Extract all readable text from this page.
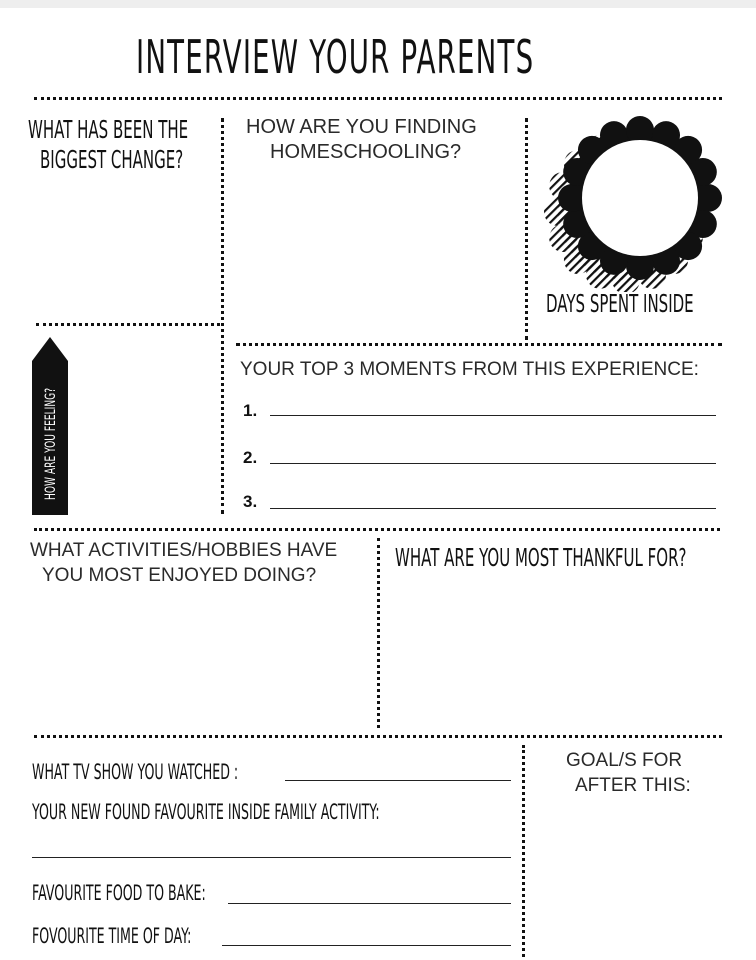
INTERVIEW YOUR PARENTS
WHAT HAS BEEN THE
BIGGEST CHANGE?
HOW ARE YOU FINDING
HOMESCHOOLING?
DAYS SPENT INSIDE
HOW ARE YOU FEELING?
YOUR TOP 3 MOMENTS FROM THIS EXPERIENCE:
1.
2.
3.
WHAT ACTIVITIES/HOBBIES HAVE
YOU MOST ENJOYED DOING?
WHAT ARE YOU MOST THANKFUL FOR?
WHAT TV SHOW YOU WATCHED :
YOUR NEW FOUND FAVOURITE INSIDE FAMILY ACTIVITY:
FAVOURITE FOOD TO BAKE:
FOVOURITE TIME OF DAY:
GOAL/S FOR
AFTER THIS:
